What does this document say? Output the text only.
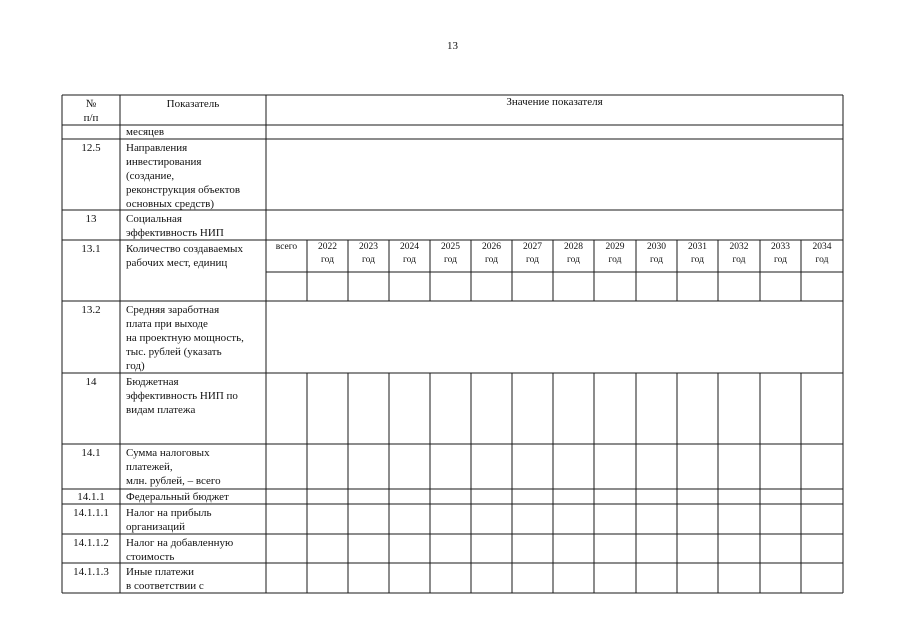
13
№
п/п
Показатель	Значение показателя
12.5
13
13.1
13.2
14
14.1
14.1.1
14.1.1.1
14.1.1.2
14.1.1.3
месяцев
Направления
инвестирования
(создание,
реконструкция объектов
основных средств)
Социальная
эффективность НИП
Количество создаваемых
рабочих мест, единиц
Средняя заработная
плата при выходе
на проектную мощность,
тыс. рублей (указать
год)
Бюджетная
эффективность НИП по
видам платежа
Сумма налоговых
платежей,
млн. рублей, – всего
Федеральный бюджет
Налог на прибыль
организаций
Налог на добавленную
стоимость
Иные платежи
в соответствии с
всего	2022
год
2023
год
2024
год
2025
год
2026
год
2027
год
2028
год
2029
год
2030
год
2031
год
2032
год
2033
год
2034
год
